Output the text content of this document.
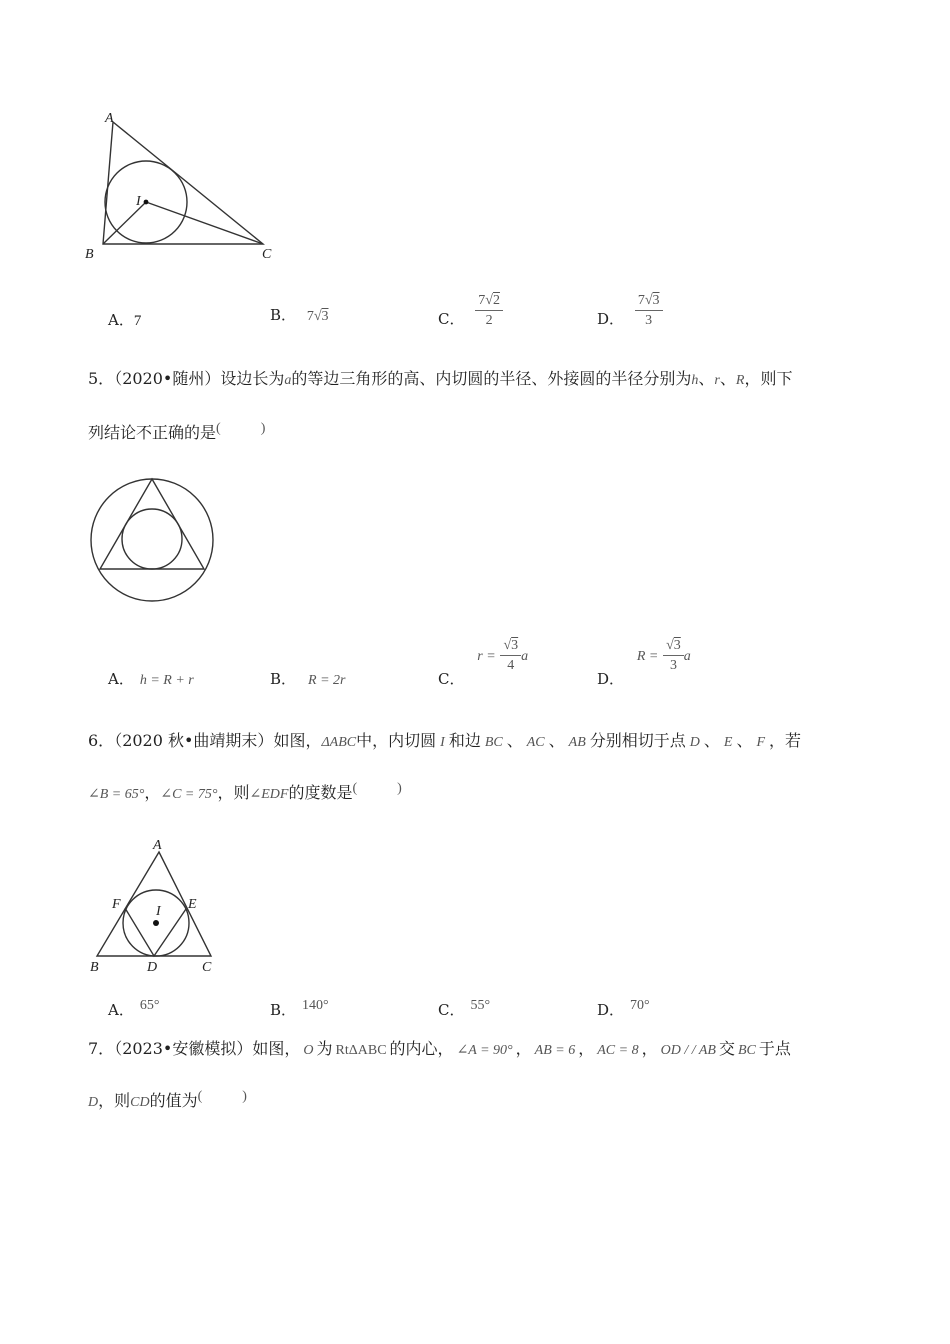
A
B	C
I
A．7	B． 7√3	C． $\frac{7√2}{2}$	D． $\frac{7√3}{3}$
5．（2020•随州）设边长为a的等边三角形的高、内切圆的半径、外接圆的半径分别为h、r、R，则下
列结论不正确的是(	)
A． h = R + r	B． R = 2r	C． $r = \frac{√3}{4}$ a
D． $R = \frac{√3}{3}$ a
6．（2020 秋•曲靖期末）如图，ΔABC中，内切圆 I 和边 BC 、 AC 、 AB 分别相切于点 D 、 E 、 F ，若
∠B = 65°，∠C = 75°，则∠EDF的度数是(	)
A
B	C
D
E
F	I
A． 65°	B． 140°	C． 55°	D． 70°
7．（2023•安徽模拟）如图， O 为 RtΔABC 的内心， ∠A = 90° ， AB = 6 ， AC = 8 ， OD / / AB 交 BC 于点
D，则CD的值为(	)
